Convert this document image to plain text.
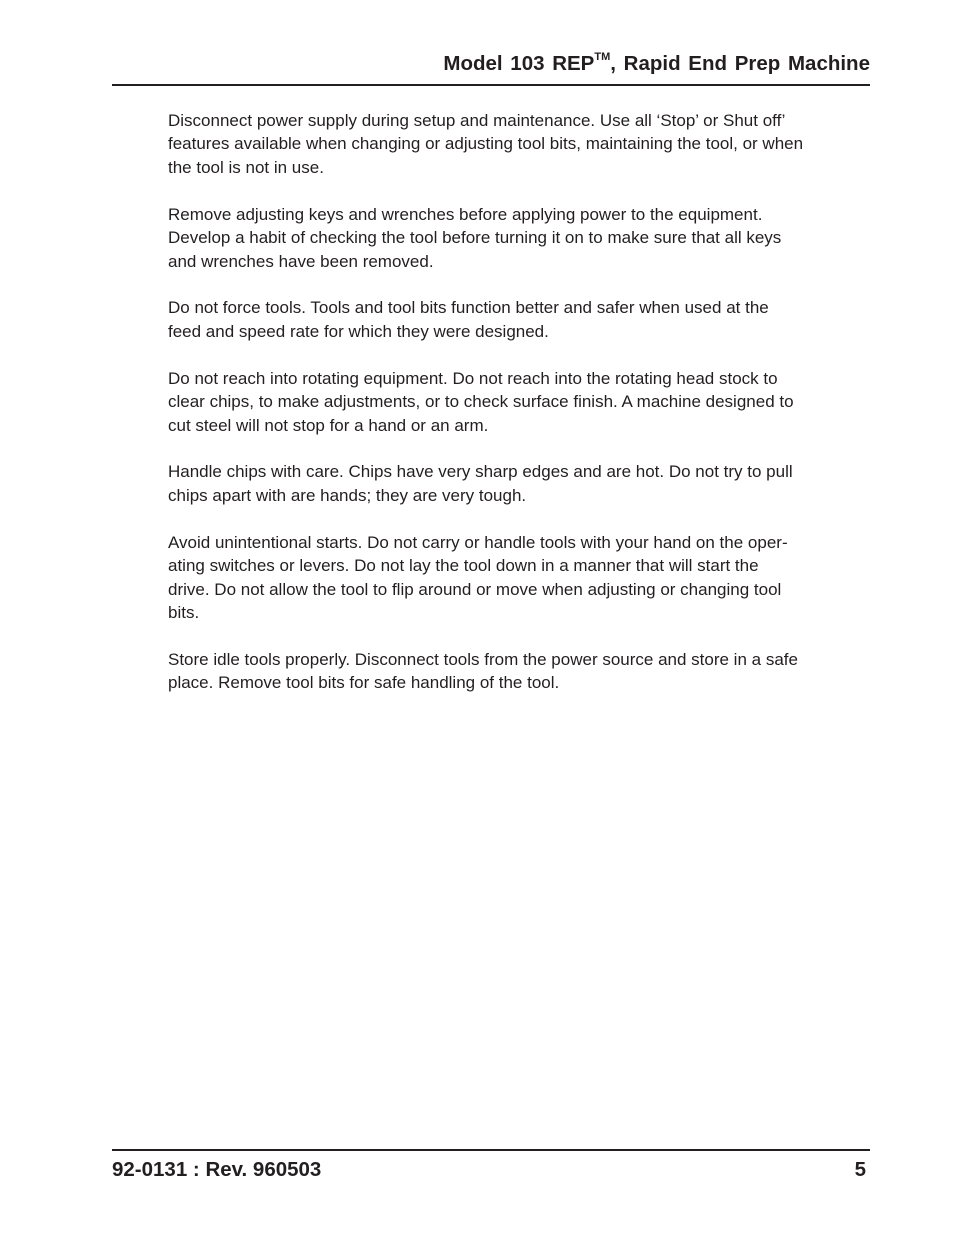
Model 103 REP™, Rapid End Prep Machine

Disconnect power supply during setup and maintenance. Use all ‘Stop’ or Shut off’
features available when changing or adjusting tool bits, maintaining the tool, or when
the tool is not in use.

Remove adjusting keys and wrenches before applying power to the equipment.
Develop a habit of checking the tool before turning it on to make sure that all keys
and wrenches have been removed.

Do not force tools. Tools and tool bits function better and safer when used at the
feed and speed rate for which they were designed.

Do not reach into rotating equipment. Do not reach into the rotating head stock to
clear chips, to make adjustments, or to check surface finish. A machine designed to
cut steel will not stop for a hand or an arm.

Handle chips with care. Chips have very sharp edges and are hot. Do not try to pull
chips apart with are hands; they are very tough.

Avoid unintentional starts. Do not carry or handle tools with your hand on the oper-
ating switches or levers. Do not lay the tool down in a manner that will start the
drive. Do not allow the tool to flip around or move when adjusting or changing tool
bits.

Store idle tools properly. Disconnect tools from the power source and store in a safe
place. Remove tool bits for safe handling of the tool.

92-0131 : Rev. 960503	5
